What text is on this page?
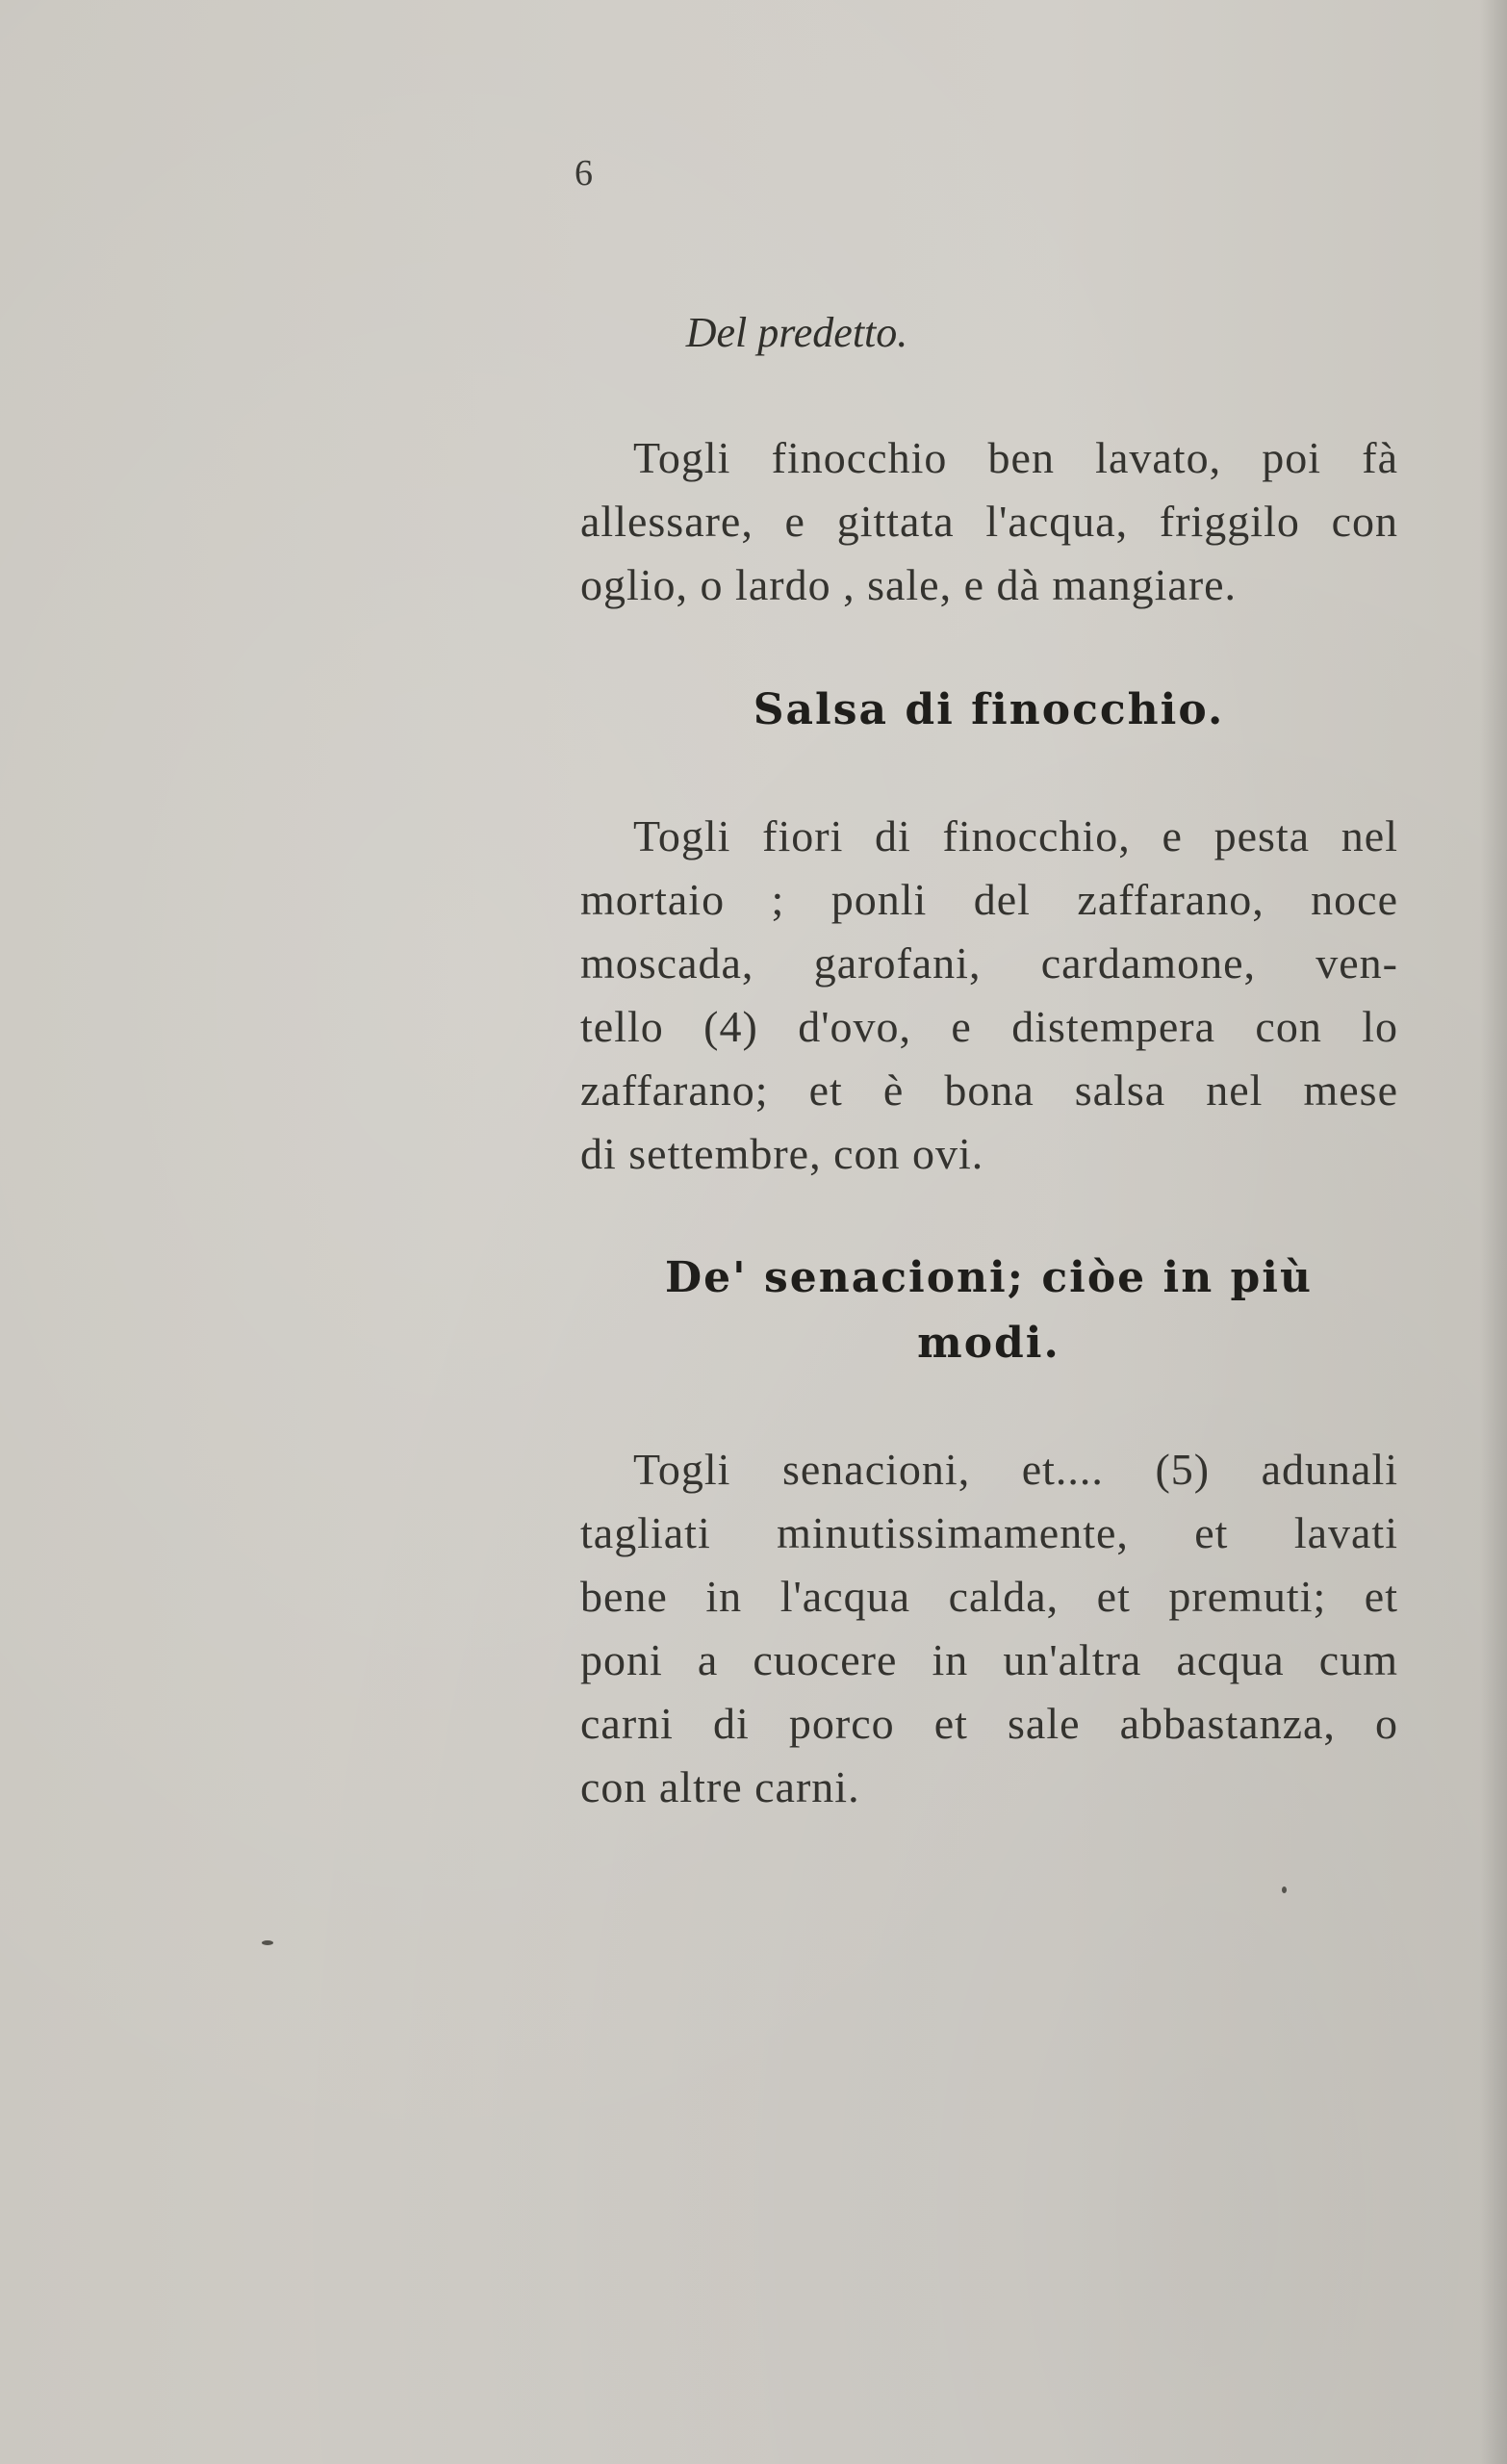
6
Del predetto.
Togli finocchio ben lavato, poi fà
allessare, e gittata l'acqua, friggilo con
oglio, o lardo , sale, e dà mangiare.
Salsa di finocchio.
Togli fiori di finocchio, e pesta nel
mortaio ; ponli del zaffarano, noce
moscada, garofani, cardamone, ven-
tello (4) d'ovo, e distempera con lo
zaffarano; et è bona salsa nel mese
di settembre, con ovi.
De' senacioni; ciòe in più
modi.
Togli senacioni, et.... (5) adunali
tagliati minutissimamente, et lavati
bene in l'acqua calda, et premuti; et
poni a cuocere in un'altra acqua cum
carni di porco et sale abbastanza, o
con altre carni.
